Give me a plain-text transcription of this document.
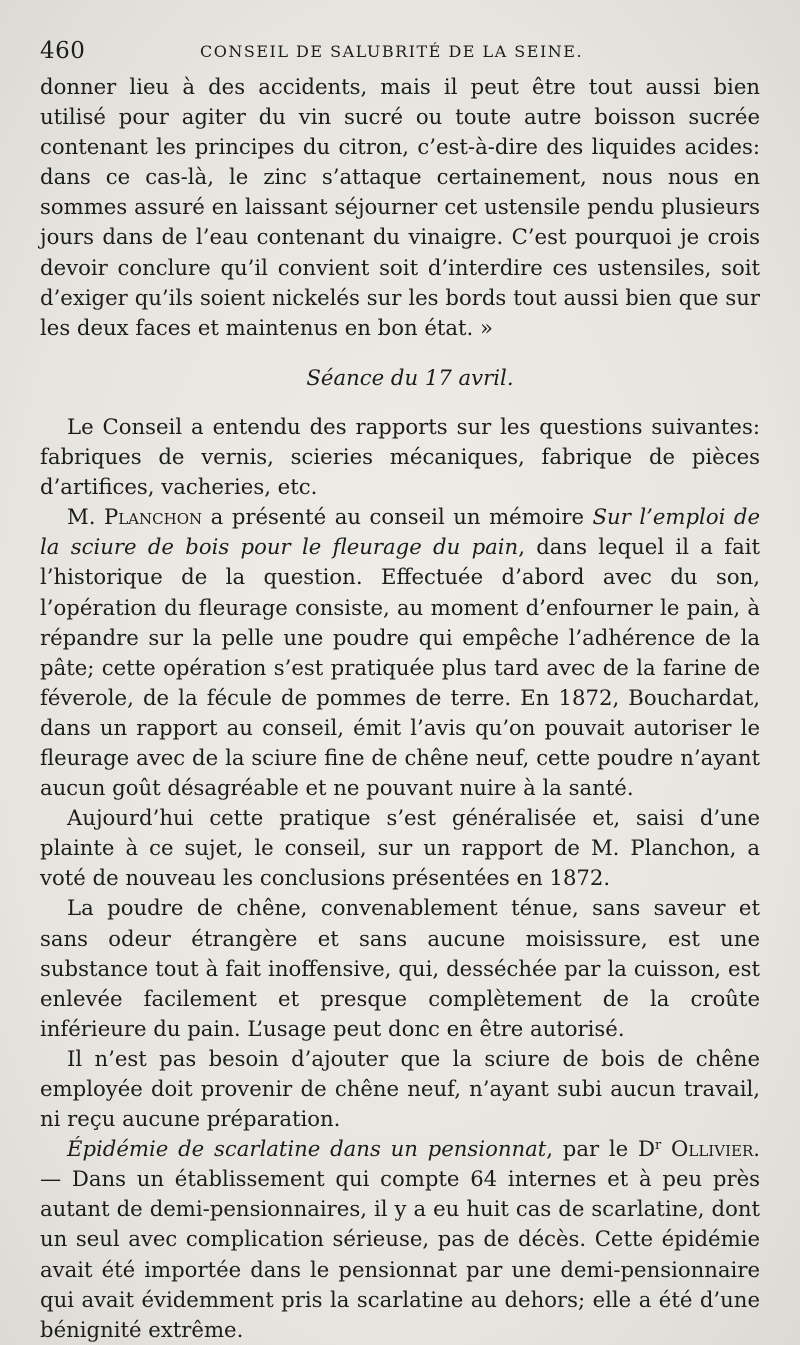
460	CONSEIL DE SALUBRITÉ DE LA SEINE.

donner lieu à des accidents, mais il peut être tout aussi bien utilisé pour agiter du vin sucré ou toute autre boisson sucrée contenant les principes du citron, c’est-à-dire des liquides acides: dans ce cas-là, le zinc s’attaque certainement, nous nous en sommes assuré en laissant séjourner cet ustensile pendu plusieurs jours dans de l’eau contenant du vinaigre. C’est pourquoi je crois devoir conclure qu’il convient soit d’interdire ces ustensiles, soit d’exiger qu’ils soient nickelés sur les bords tout aussi bien que sur les deux faces et maintenus en bon état. »

Séance du 17 avril.

Le Conseil a entendu des rapports sur les questions suivantes: fabriques de vernis, scieries mécaniques, fabrique de pièces d’artifices, vacheries, etc.

M. Planchon a présenté au conseil un mémoire Sur l’emploi de la sciure de bois pour le fleurage du pain, dans lequel il a fait l’historique de la question. Effectuée d’abord avec du son, l’opération du fleurage consiste, au moment d’enfourner le pain, à répandre sur la pelle une poudre qui empêche l’adhérence de la pâte; cette opération s’est pratiquée plus tard avec de la farine de féverole, de la fécule de pommes de terre. En 1872, Bouchardat, dans un rapport au conseil, émit l’avis qu’on pouvait autoriser le fleurage avec de la sciure fine de chêne neuf, cette poudre n’ayant aucun goût désagréable et ne pouvant nuire à la santé.

Aujourd’hui cette pratique s’est généralisée et, saisi d’une plainte à ce sujet, le conseil, sur un rapport de M. Planchon, a voté de nouveau les conclusions présentées en 1872.

La poudre de chêne, convenablement ténue, sans saveur et sans odeur étrangère et sans aucune moisissure, est une substance tout à fait inoffensive, qui, desséchée par la cuisson, est enlevée facilement et presque complètement de la croûte inférieure du pain. L’usage peut donc en être autorisé.

Il n’est pas besoin d’ajouter que la sciure de bois de chêne employée doit provenir de chêne neuf, n’ayant subi aucun travail, ni reçu aucune préparation.

Épidémie de scarlatine dans un pensionnat, par le $D^r$ Ollivier. — Dans un établissement qui compte 64 internes et à peu près autant de demi-pensionnaires, il y a eu huit cas de scarlatine, dont un seul avec complication sérieuse, pas de décès. Cette épidémie avait été importée dans le pensionnat par une demi-pensionnaire qui avait évidemment pris la scarlatine au dehors; elle a été d’une bénignité extrême.
